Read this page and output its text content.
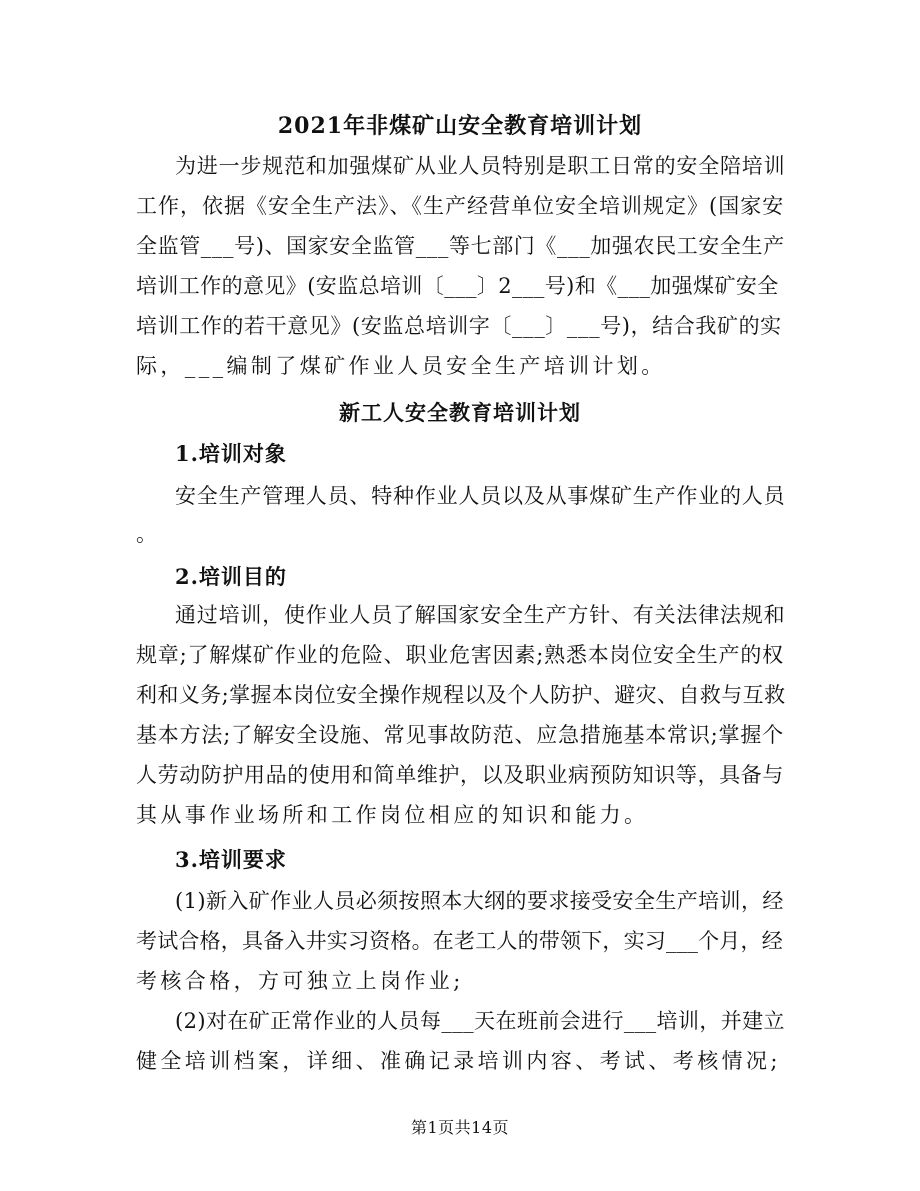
2021年非煤矿山安全教育培训计划
为进一步规范和加强煤矿从业人员特别是职工日常的安全陪培训
工作，依据《安全生产法》、《生产经营单位安全培训规定》(国家安
全监管___号)、国家安全监管___等七部门《___加强农民工安全生产
培训工作的意见》(安监总培训〔___〕2___号)和《___加强煤矿安全
培训工作的若干意见》(安监总培训字〔___〕___号)，结合我矿的实
际，___编制了煤矿作业人员安全生产培训计划。
新工人安全教育培训计划
1.培训对象
安全生产管理人员、特种作业人员以及从事煤矿生产作业的人员
。
2.培训目的
通过培训，使作业人员了解国家安全生产方针、有关法律法规和
规章;了解煤矿作业的危险、职业危害因素;熟悉本岗位安全生产的权
利和义务;掌握本岗位安全操作规程以及个人防护、避灾、自救与互救
基本方法;了解安全设施、常见事故防范、应急措施基本常识;掌握个
人劳动防护用品的使用和简单维护，以及职业病预防知识等，具备与
其从事作业场所和工作岗位相应的知识和能力。
3.培训要求
(1)新入矿作业人员必须按照本大纲的要求接受安全生产培训，经
考试合格，具备入井实习资格。在老工人的带领下，实习___个月，经
考核合格，方可独立上岗作业;
(2)对在矿正常作业的人员每___天在班前会进行___培训，并建立
健全培训档案，详细、准确记录培训内容、考试、考核情况;
第1页共14页
